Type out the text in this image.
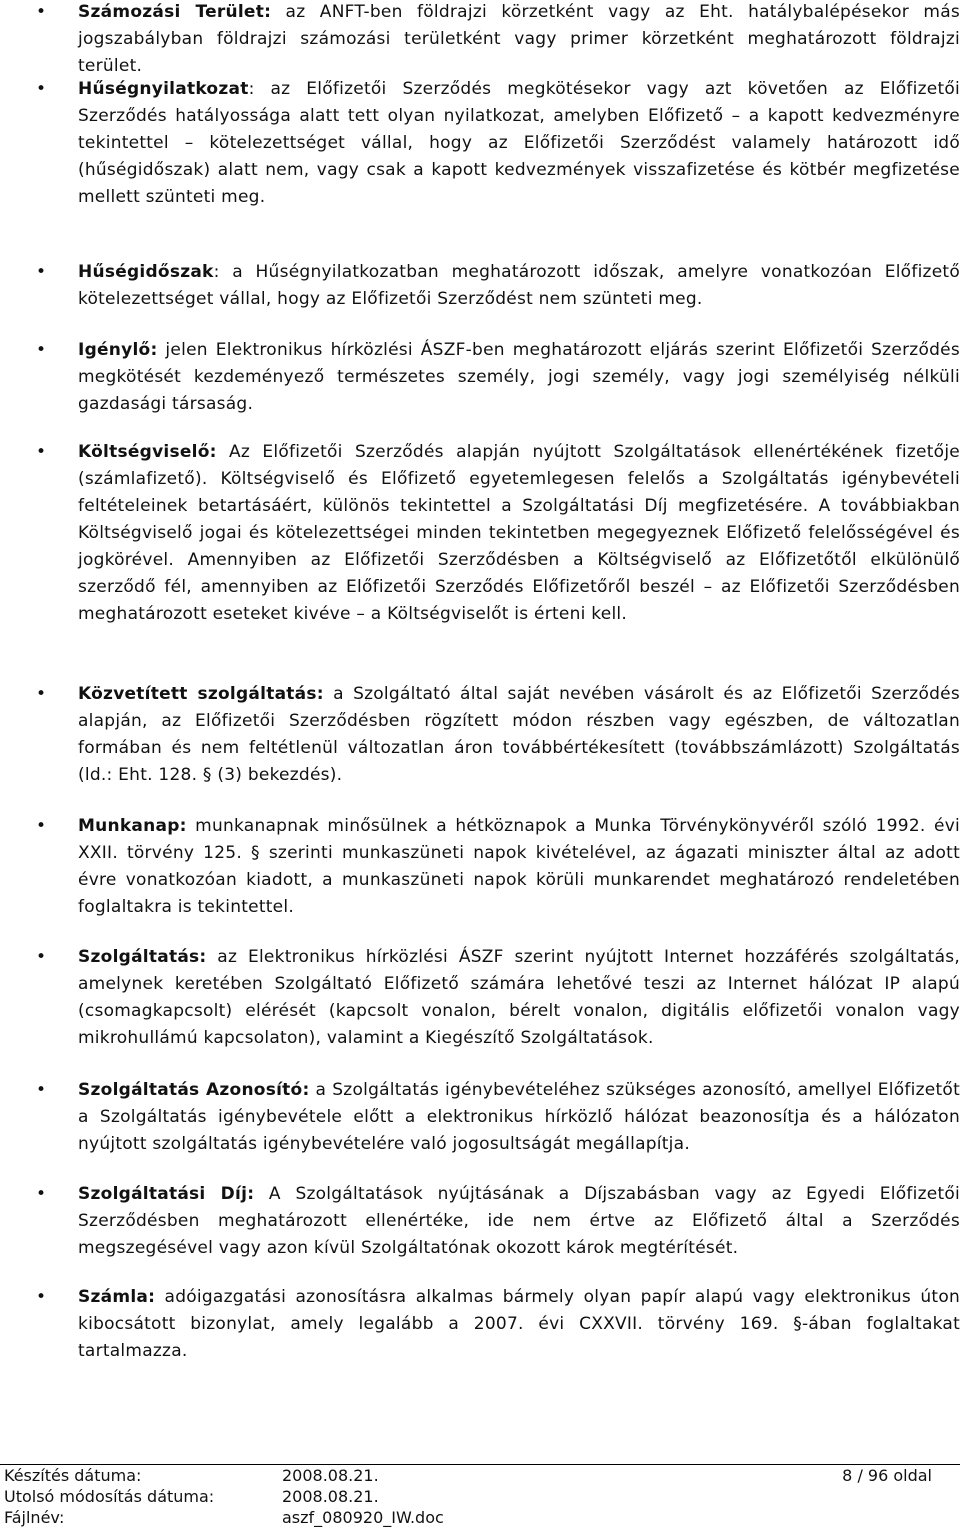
• Számozási Terület: az ANFT-ben földrajzi körzetként vagy az Eht. hatálybalépésekor más jogszabályban földrajzi számozási területként vagy primer körzetként meghatározott földrajzi terület.
• Hűségnyilatkozat: az Előfizetői Szerződés megkötésekor vagy azt követően az Előfizetői Szerződés hatályossága alatt tett olyan nyilatkozat, amelyben Előfizető – a kapott kedvezményre tekintettel – kötelezettséget vállal, hogy az Előfizetői Szerződést valamely határozott idő (hűségidőszak) alatt nem, vagy csak a kapott kedvezmények visszafizetése és kötbér megfizetése mellett szünteti meg.
• Hűségidőszak: a Hűségnyilatkozatban meghatározott időszak, amelyre vonatkozóan Előfizető kötelezettséget vállal, hogy az Előfizetői Szerződést nem szünteti meg.
• Igénylő: jelen Elektronikus hírközlési ÁSZF-ben meghatározott eljárás szerint Előfizetői Szerződés megkötését kezdeményező természetes személy, jogi személy, vagy jogi személyiség nélküli gazdasági társaság.
• Költségviselő: Az Előfizetői Szerződés alapján nyújtott Szolgáltatások ellenértékének fizetője (számlafizető). Költségviselő és Előfizető egyetemlegesen felelős a Szolgáltatás igénybevételi feltételeinek betartásáért, különös tekintettel a Szolgáltatási Díj megfizetésére. A továbbiakban Költségviselő jogai és kötelezettségei minden tekintetben megegyeznek Előfizető felelősségével és jogkörével. Amennyiben az Előfizetői Szerződésben a Költségviselő az Előfizetőtől elkülönülő szerződő fél, amennyiben az Előfizetői Szerződés Előfizetőről beszél – az Előfizetői Szerződésben meghatározott eseteket kivéve – a Költségviselőt is érteni kell.
• Közvetített szolgáltatás: a Szolgáltató által saját nevében vásárolt és az Előfizetői Szerződés alapján, az Előfizetői Szerződésben rögzített módon részben vagy egészben, de változatlan formában és nem feltétlenül változatlan áron továbbértékesített (továbbszámlázott) Szolgáltatás (ld.: Eht. 128. § (3) bekezdés).
• Munkanap: munkanapnak minősülnek a hétköznapok a Munka Törvénykönyvéről szóló 1992. évi XXII. törvény 125. § szerinti munkaszüneti napok kivételével, az ágazati miniszter által az adott évre vonatkozóan kiadott, a munkaszüneti napok körüli munkarendet meghatározó rendeletében foglaltakra is tekintettel.
• Szolgáltatás: az Elektronikus hírközlési ÁSZF szerint nyújtott Internet hozzáférés szolgáltatás, amelynek keretében Szolgáltató Előfizető számára lehetővé teszi az Internet hálózat IP alapú (csomagkapcsolt) elérését (kapcsolt vonalon, bérelt vonalon, digitális előfizetői vonalon vagy mikrohullámú kapcsolaton), valamint a Kiegészítő Szolgáltatások.
• Szolgáltatás Azonosító: a Szolgáltatás igénybevételéhez szükséges azonosító, amellyel Előfizetőt a Szolgáltatás igénybevétele előtt a elektronikus hírközlő hálózat beazonosítja és a hálózaton nyújtott szolgáltatás igénybevételére való jogosultságát megállapítja.
• Szolgáltatási Díj: A Szolgáltatások nyújtásának a Díjszabásban vagy az Egyedi Előfizetői Szerződésben meghatározott ellenértéke, ide nem értve az Előfizető által a Szerződés megszegésével vagy azon kívül Szolgáltatónak okozott károk megtérítését.
• Számla: adóigazgatási azonosításra alkalmas bármely olyan papír alapú vagy elektronikus úton kibocsátott bizonylat, amely legalább a 2007. évi CXXVII. törvény 169. §-ában foglaltakat tartalmazza.
Készítés dátuma:	2008.08.21.	8 / 96 oldal
Utolsó módosítás dátuma:	2008.08.21.	
Fájlnév:	aszf_080920_IW.doc	
